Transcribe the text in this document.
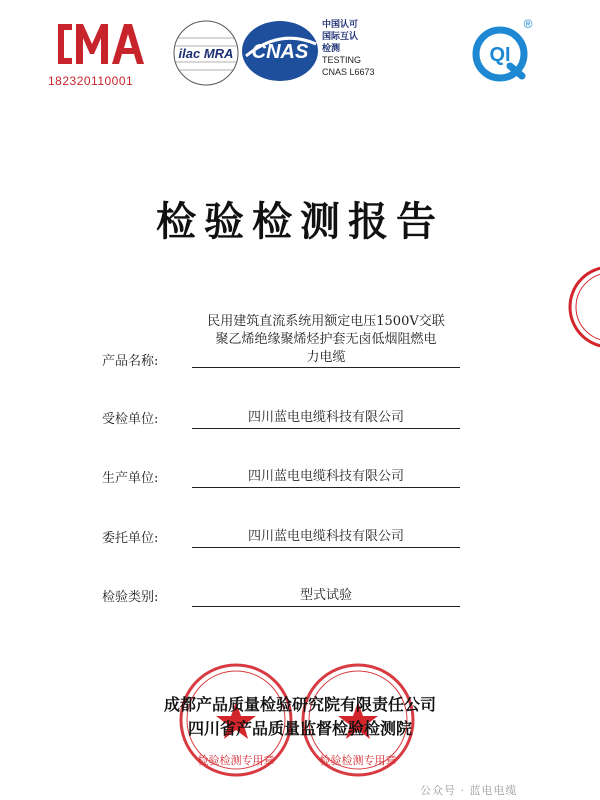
182320110001
ilac MRA CNAS
中国认可
国际互认
检测
TESTING
CNAS L6673
QI
®
检验检测报告
产品名称:
民用建筑直流系统用额定电压1500V交联
聚乙烯绝缘聚烯烃护套无卤低烟阻燃电
力电缆
受检单位:	四川蓝电电缆科技有限公司
生产单位:	四川蓝电电缆科技有限公司
委托单位:	四川蓝电电缆科技有限公司
检验类别:	型式试验
检验检测专用章	检验检测专用章
成都产品质量检验研究院有限责任公司
四川省产品质量监督检验检测院
公众号 · 蓝电电缆
